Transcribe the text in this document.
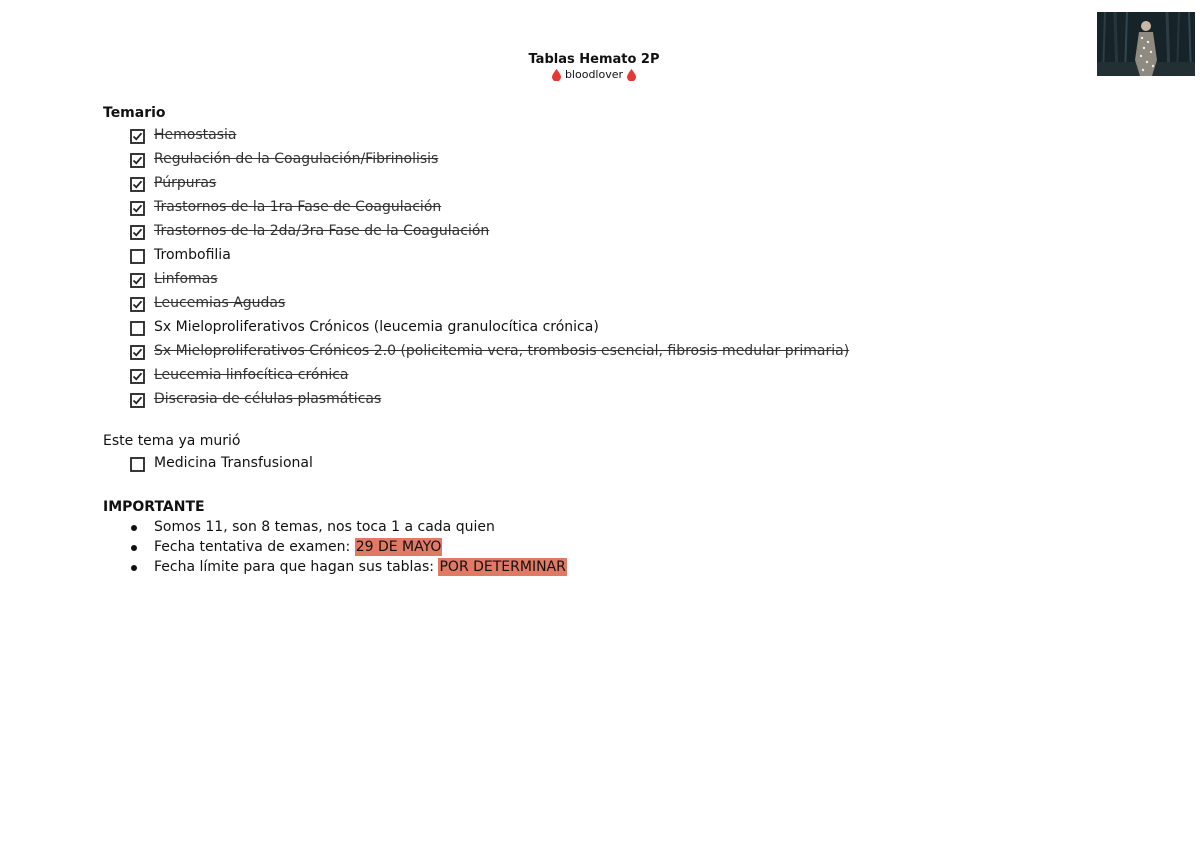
Tablas Hemato 2P
bloodlover
Temario
Hemostasia
Regulación de la Coagulación/Fibrinolisis
Púrpuras
Trastornos de la 1ra Fase de Coagulación
Trastornos de la 2da/3ra Fase de la Coagulación
Trombofilia
Linfomas
Leucemias Agudas
Sx Mieloproliferativos Crónicos (leucemia granulocítica crónica)
Sx Mieloproliferativos Crónicos 2.0 (policitemia vera, trombosis esencial, fibrosis medular primaria)
Leucemia linfocítica crónica
Discrasia de células plasmáticas
Este tema ya murió
Medicina Transfusional
IMPORTANTE
Somos 11, son 8 temas, nos toca 1 a cada quien
Fecha tentativa de examen: 29 DE MAYO
Fecha límite para que hagan sus tablas: POR DETERMINAR
